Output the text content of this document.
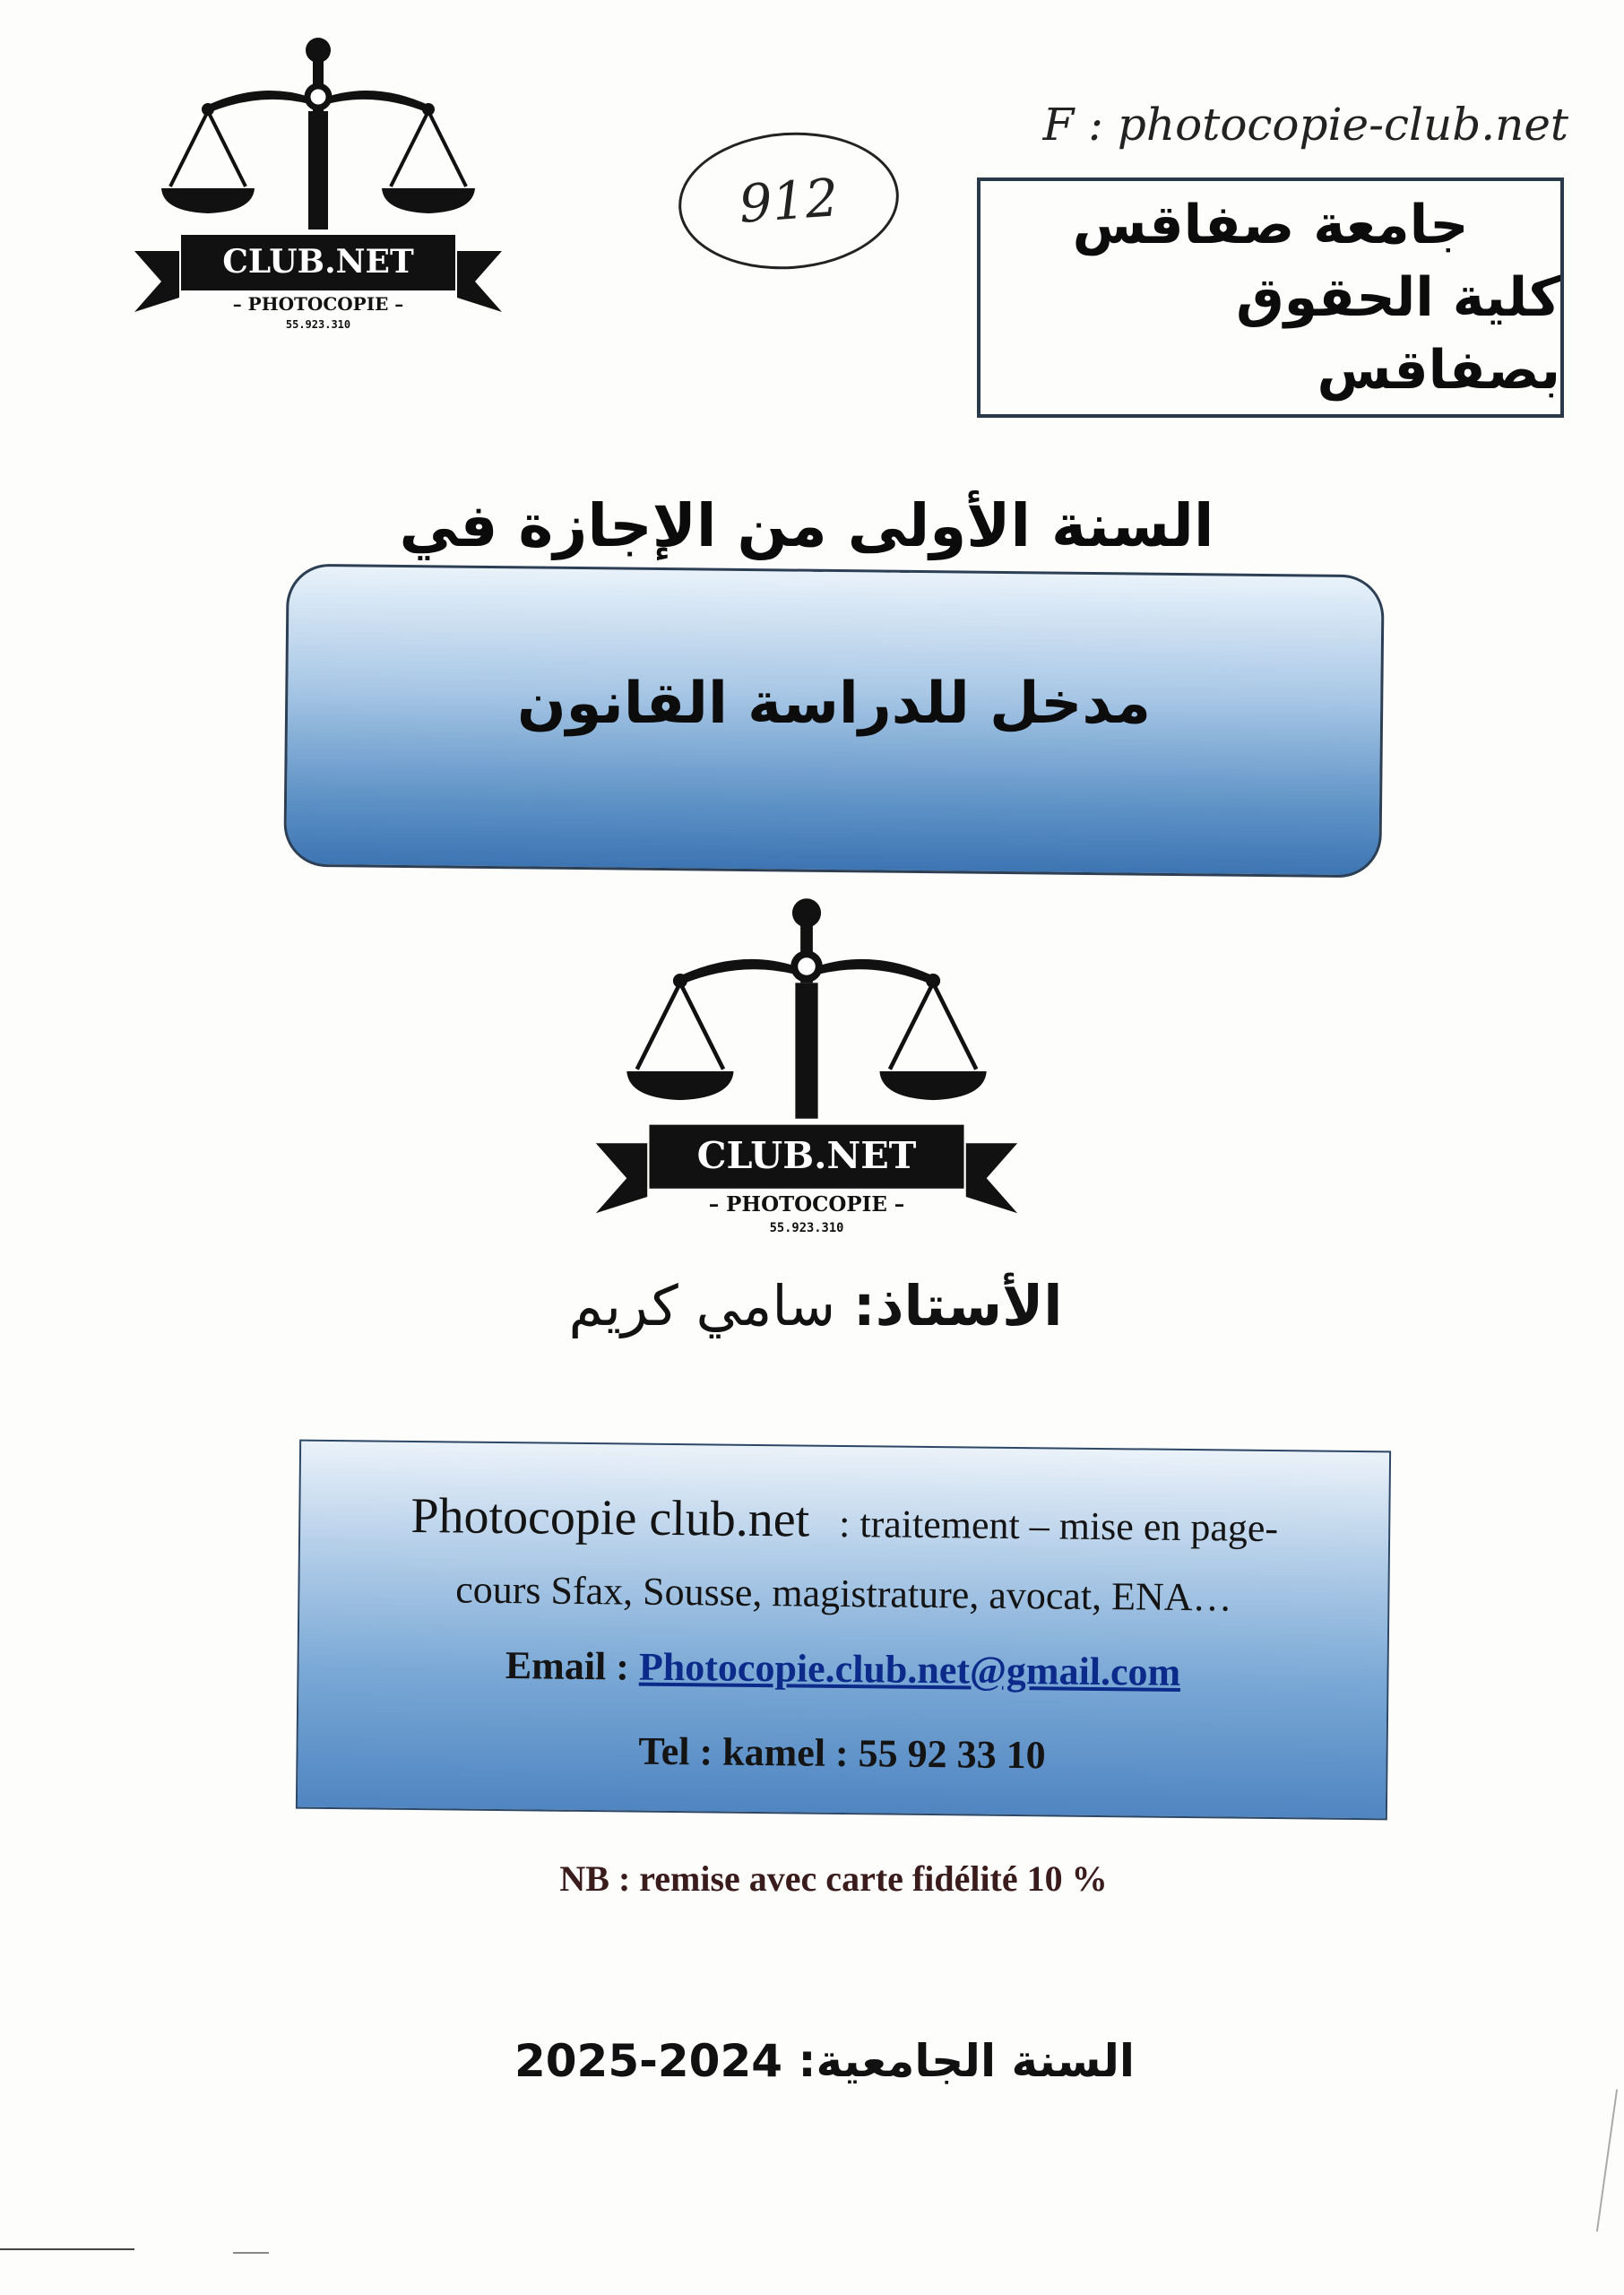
CLUB.NET
– PHOTOCOPIE –
55.923.310
F : photocopie-club.net
912	جامعة صفاقس
كلية الحقوق بصفاقس
السنة الأولى من الإجازة في
مدخل للدراسة القانون
CLUB.NET
– PHOTOCOPIE –
55.923.310
الأستاذ: سامي كريم
Photocopie club.net : traitement – mise en page-
cours Sfax, Sousse, magistrature, avocat, ENA…
Email : Photocopie.club.net@gmail.com
Tel : kamel : 55 92 33 10
NB : remise avec carte fidélité 10 %
السنة الجامعية: 2025-2024
